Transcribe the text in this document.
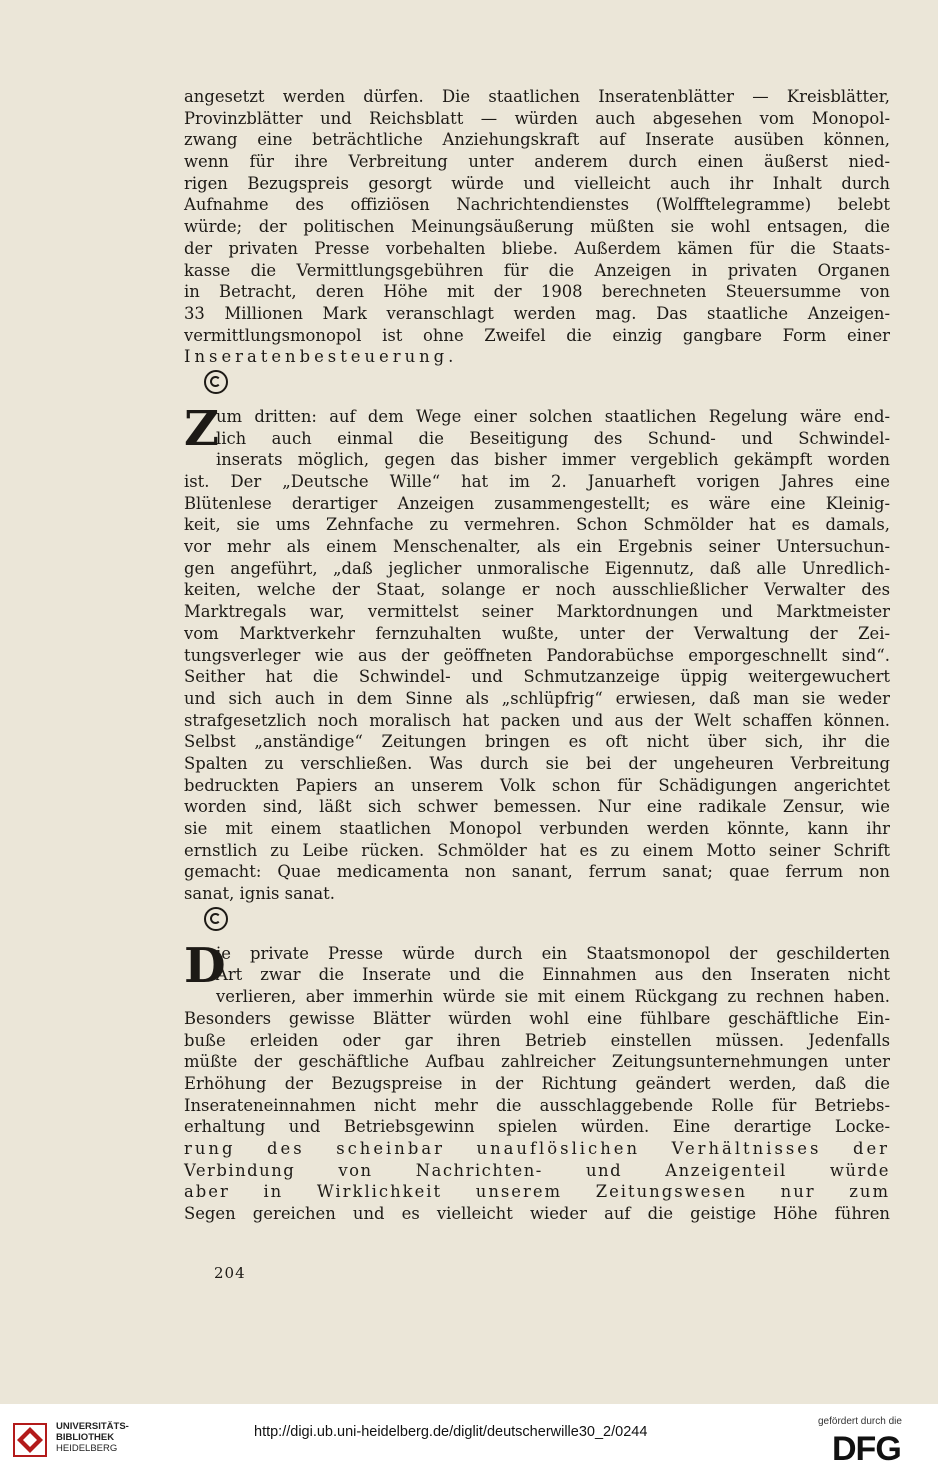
angesetzt werden dürfen. Die staatlichen Inseratenblätter — Kreisblätter,
Provinzblätter und Reichsblatt — würden auch abgesehen vom Monopol-
zwang eine beträchtliche Anziehungskraft auf Inserate ausüben können,
wenn für ihre Verbreitung unter anderem durch einen äußerst nied-
rigen Bezugspreis gesorgt würde und vielleicht auch ihr Inhalt durch
Aufnahme des offiziösen Nachrichtendienstes (Wolfftelegramme) belebt
würde; der politischen Meinungsäußerung müßten sie wohl entsagen, die
der privaten Presse vorbehalten bliebe. Außerdem kämen für die Staats-
kasse die Vermittlungsgebühren für die Anzeigen in privaten Organen
in Betracht, deren Höhe mit der 1908 berechneten Steuersumme von
33 Millionen Mark veranschlagt werden mag. Das staatliche Anzeigen-
vermittlungsmonopol ist ohne Zweifel die einzig gangbare Form einer
Inseratenbesteuerung.
Z
um dritten: auf dem Wege einer solchen staatlichen Regelung wäre end-
lich auch einmal die Beseitigung des Schund- und Schwindel-
inserats möglich, gegen das bisher immer vergeblich gekämpft worden
ist. Der „Deutsche Wille“ hat im 2. Januarheft vorigen Jahres eine
Blütenlese derartiger Anzeigen zusammengestellt; es wäre eine Kleinig-
keit, sie ums Zehnfache zu vermehren. Schon Schmölder hat es damals,
vor mehr als einem Menschenalter, als ein Ergebnis seiner Untersuchun-
gen angeführt, „daß jeglicher unmoralische Eigennutz, daß alle Unredlich-
keiten, welche der Staat, solange er noch ausschließlicher Verwalter des
Marktregals war, vermittelst seiner Marktordnungen und Marktmeister
vom Marktverkehr fernzuhalten wußte, unter der Verwaltung der Zei-
tungsverleger wie aus der geöffneten Pandorabüchse emporgeschnellt sind“.
Seither hat die Schwindel- und Schmutzanzeige üppig weitergewuchert
und sich auch in dem Sinne als „schlüpfrig“ erwiesen, daß man sie weder
strafgesetzlich noch moralisch hat packen und aus der Welt schaffen können.
Selbst „anständige“ Zeitungen bringen es oft nicht über sich, ihr die
Spalten zu verschließen. Was durch sie bei der ungeheuren Verbreitung
bedruckten Papiers an unserem Volk schon für Schädigungen angerichtet
worden sind, läßt sich schwer bemessen. Nur eine radikale Zensur, wie
sie mit einem staatlichen Monopol verbunden werden könnte, kann ihr
ernstlich zu Leibe rücken. Schmölder hat es zu einem Motto seiner Schrift
gemacht: Quae medicamenta non sanant, ferrum sanat; quae ferrum non
sanat, ignis sanat.
D
ie private Presse würde durch ein Staatsmonopol der geschilderten
Art zwar die Inserate und die Einnahmen aus den Inseraten nicht
verlieren, aber immerhin würde sie mit einem Rückgang zu rechnen haben.
Besonders gewisse Blätter würden wohl eine fühlbare geschäftliche Ein-
buße erleiden oder gar ihren Betrieb einstellen müssen. Jedenfalls
müßte der geschäftliche Aufbau zahlreicher Zeitungsunternehmungen unter
Erhöhung der Bezugspreise in der Richtung geändert werden, daß die
Inserateneinnahmen nicht mehr die ausschlaggebende Rolle für Betriebs-
erhaltung und Betriebsgewinn spielen würden. Eine derartige Locke-
rung des scheinbar unauflöslichen Verhältnisses der
Verbindung von Nachrichten- und Anzeigenteil würde
aber in Wirklichkeit unserem Zeitungswesen nur zum
Segen gereichen und es vielleicht wieder auf die geistige Höhe führen
204
UNIVERSITÄTS-
BIBLIOTHEK
HEIDELBERG
http://digi.ub.uni-heidelberg.de/diglit/deutscherwille30_2/0244
gefördert durch die
DFG
